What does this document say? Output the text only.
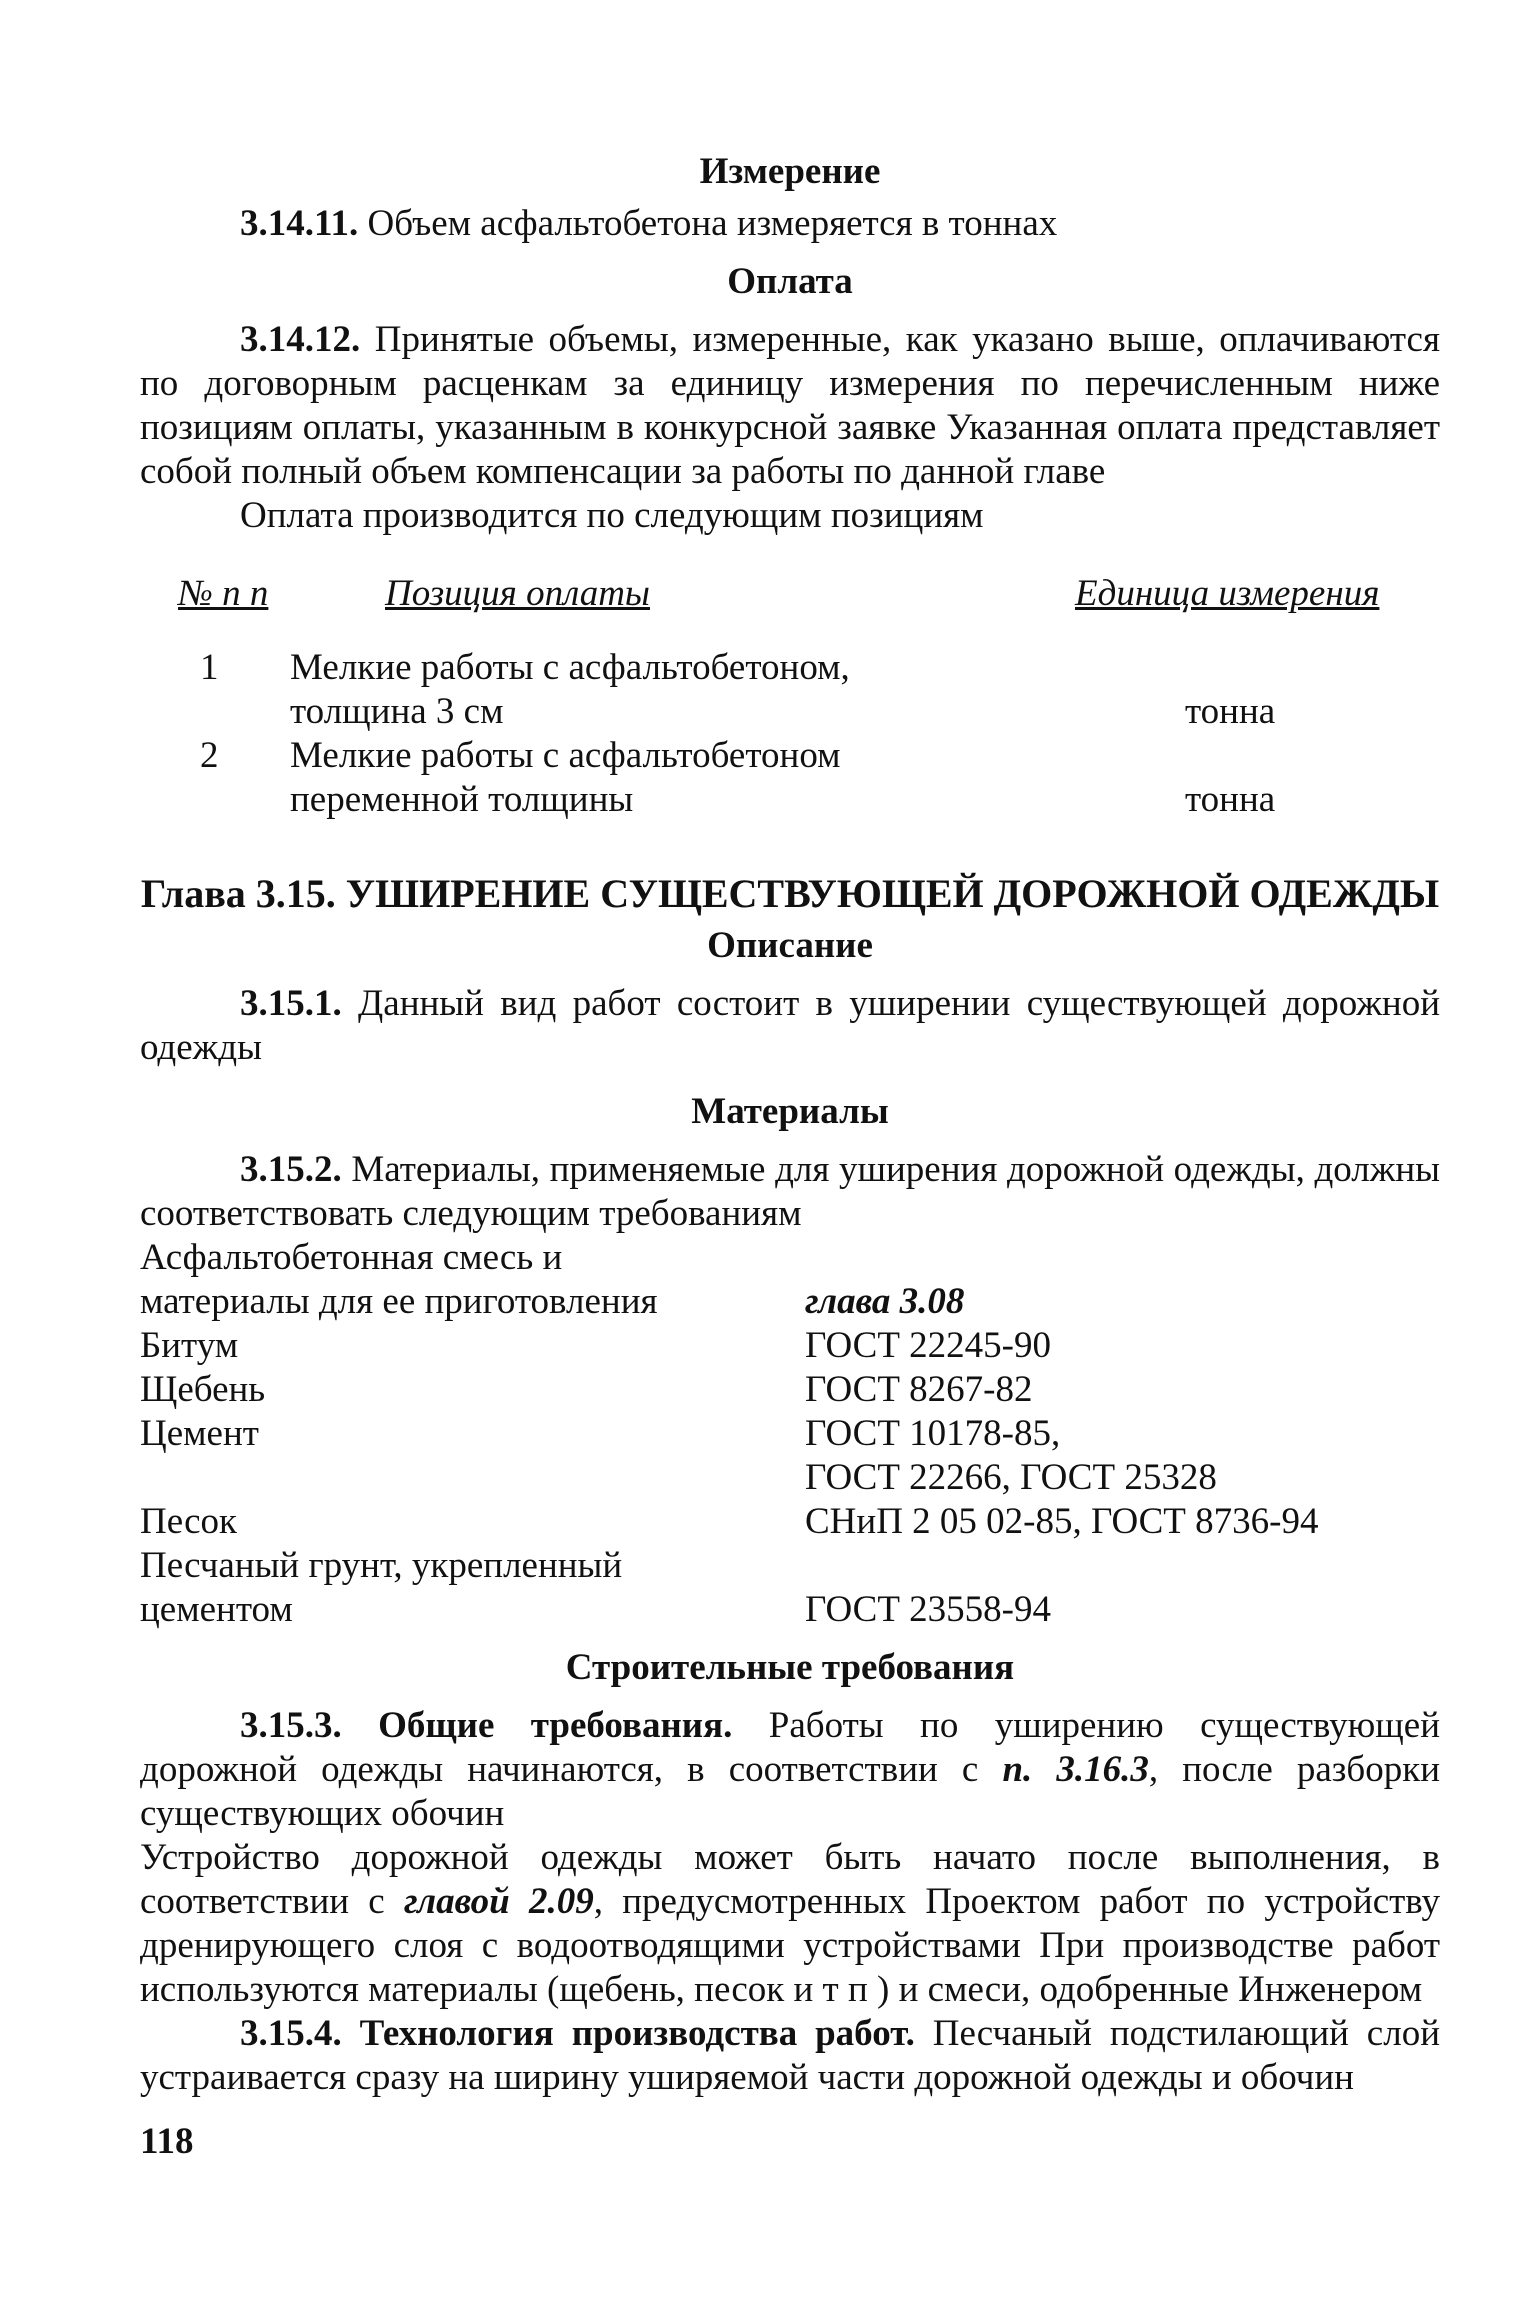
Измерение

3.14.11. Объем асфальтобетона измеряется в тоннах

Оплата

3.14.12. Принятые объемы, измеренные, как указано выше, оплачиваются по договорным расценкам за единицу измерения по перечисленным ниже позициям оплаты, указанным в конкурсной заявке Указанная оплата представляет собой полный объем компенсации за работы по данной главе

Оплата производится по следующим позициям

№ п п	Позиция оплаты	Единица измерения
1 Мелкие работы с асфальтобетоном, толщина 3 см	тонна
2 Мелкие работы с асфальтобетоном переменной толщины	тонна
Глава 3.15. УШИРЕНИЕ СУЩЕСТВУЮЩЕЙ ДОРОЖНОЙ ОДЕЖДЫ
Описание

3.15.1. Данный вид работ состоит в уширении существующей дорожной одежды

Материалы

3.15.2. Материалы, применяемые для уширения дорожной одежды, должны соответствовать следующим требованиям

Асфальтобетонная смесь и
материалы для ее приготовления	глава 3.08
Битум	ГОСТ 22245-90
Щебень	ГОСТ 8267-82
Цемент	ГОСТ 10178-85,
ГОСТ 22266, ГОСТ 25328
Песок	СНиП 2 05 02-85, ГОСТ 8736-94
Песчаный грунт, укрепленный
цементом	ГОСТ 23558-94
Строительные требования

3.15.3. Общие требования. Работы по уширению существующей дорожной одежды начинаются, в соответствии с п. 3.16.3, после разборки существующих обочин

Устройство дорожной одежды может быть начато после выполнения, в соответствии с главой 2.09, предусмотренных Проектом работ по устройству дренирующего слоя с водоотводящими устройствами При производстве работ используются материалы (щебень, песок и т п ) и смеси, одобренные Инженером

3.15.4. Технология производства работ. Песчаный подстилающий слой устраивается сразу на ширину уширяемой части дорожной одежды и обочин

118
